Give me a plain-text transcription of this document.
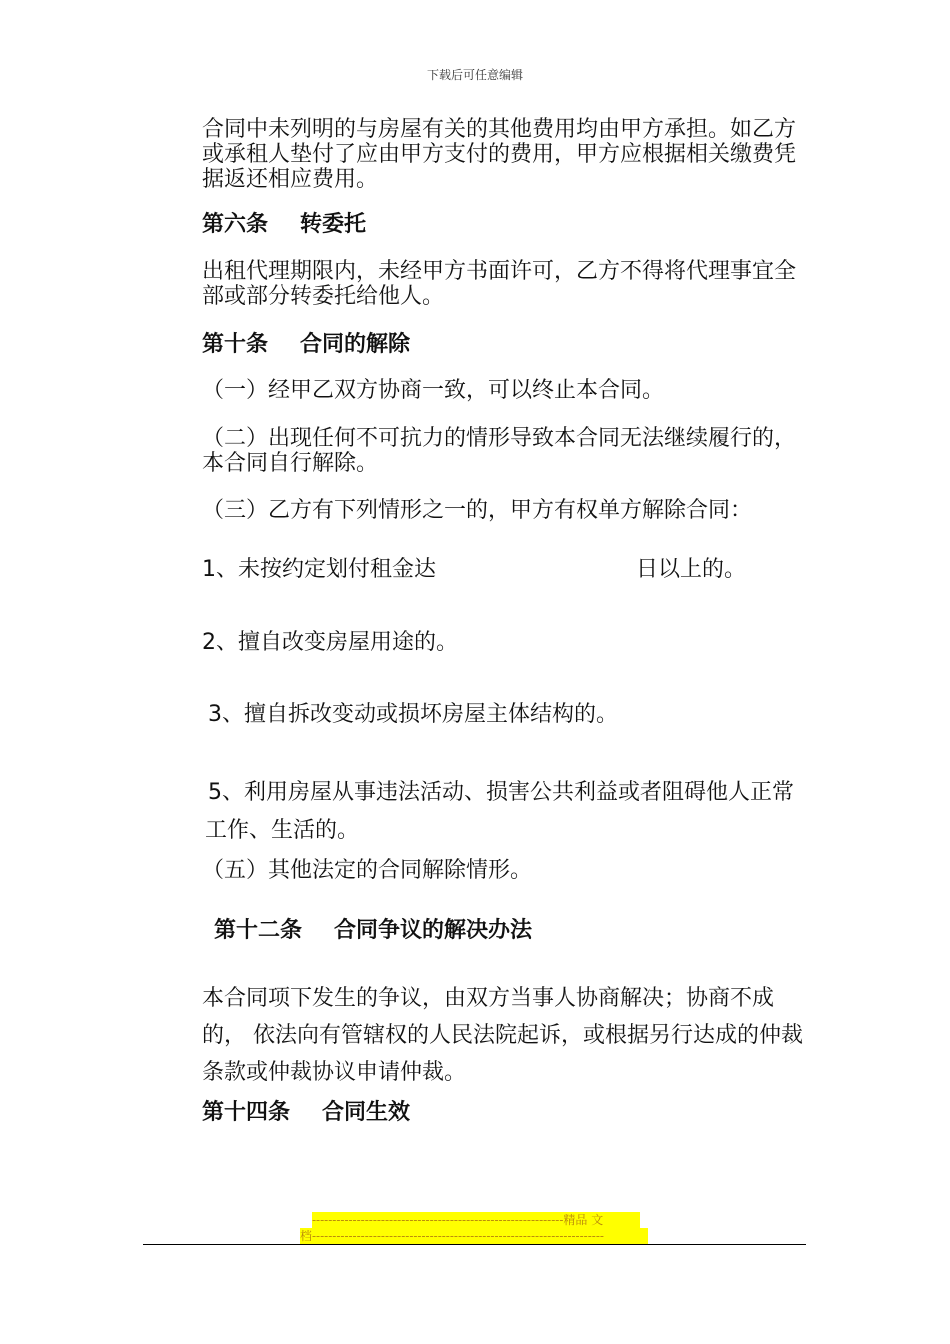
下载后可任意编辑

合同中未列明的与房屋有关的其他费用均由甲方承担。如乙方或承租人垫付了应由甲方支付的费用，甲方应根据相关缴费凭据返还相应费用。

第六条 转委托

出租代理期限内，未经甲方书面许可，乙方不得将代理事宜全部或部分转委托给他人。

第十条 合同的解除

（一）经甲乙双方协商一致，可以终止本合同。

（二）出现任何不可抗力的情形导致本合同无法继续履行的，本合同自行解除。

（三）乙方有下列情形之一的，甲方有权单方解除合同：

1、未按约定划付租金达	日以上的。
2、擅自改变房屋用途的。
3、擅自拆改变动或损坏房屋主体结构的。
5、利用房屋从事违法活动、损害公共利益或者阻碍他人正常工作、生活的。

（五）其他法定的合同解除情形。

第十二条 合同争议的解决办法

本合同项下发生的争议，由双方当事人协商解决；协商不成的， 依法向有管辖权的人民法院起诉，或根据另行达成的仲裁条款或仲裁协议申请仲裁。

第十四条 合同生效
--------------------------------------------------------------精品 文
档------------------------------------------------------------------------
